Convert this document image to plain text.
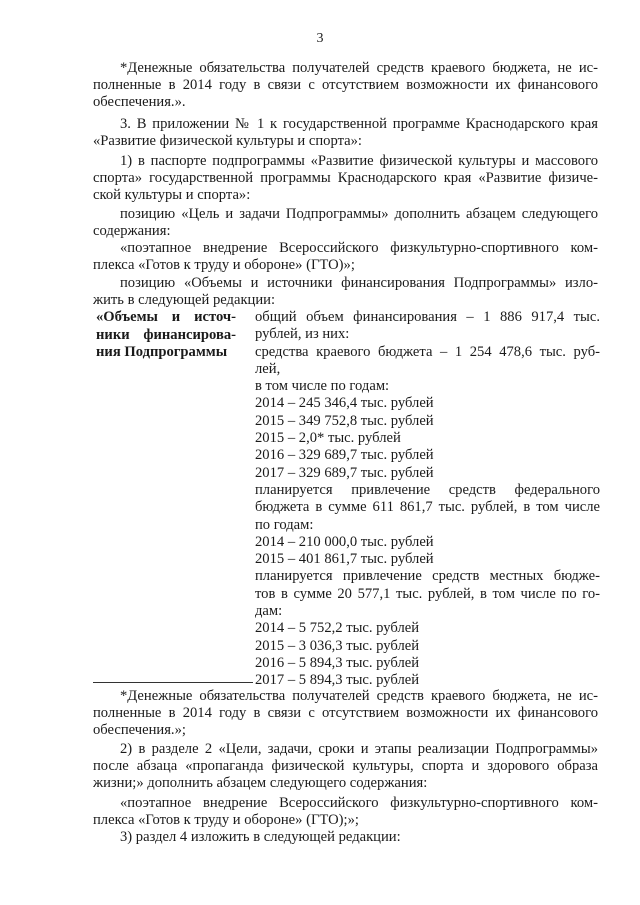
3
*Денежные обязательства получателей средств краевого бюджета, не ис-
полненные в 2014 году в связи с отсутствием возможности их финансового
обеспечения.».
3. В приложении № 1 к государственной программе Краснодарского края
«Развитие физической культуры и спорта»:
1) в паспорте подпрограммы «Развитие физической культуры и массового
спорта» государственной программы Краснодарского края «Развитие физиче-
ской культуры и спорта»:
позицию «Цель и задачи Подпрограммы» дополнить абзацем следующего
содержания:
«поэтапное внедрение Всероссийского физкультурно-спортивного ком-
плекса «Готов к труду и обороне» (ГТО)»;
позицию «Объемы и источники финансирования Подпрограммы» изло-
жить в следующей редакции:
«Объемы и источ-
ники финансирова-
ния Подпрограммы
общий объем финансирования – 1 886 917,4 тыс.
рублей, из них:
средства краевого бюджета – 1 254 478,6 тыс. руб-
лей,
в том числе по годам:
2014 – 245 346,4 тыс. рублей
2015 – 349 752,8 тыс. рублей
2015 – 2,0* тыс. рублей
2016 – 329 689,7 тыс. рублей
2017 – 329 689,7 тыс. рублей
планируется привлечение средств федерального
бюджета в сумме 611 861,7 тыс. рублей, в том числе
по годам:
2014 – 210 000,0 тыс. рублей
2015 – 401 861,7 тыс. рублей
планируется привлечение средств местных бюдже-
тов в сумме 20 577,1 тыс. рублей, в том числе по го-
дам:
2014 – 5 752,2 тыс. рублей
2015 – 3 036,3 тыс. рублей
2016 – 5 894,3 тыс. рублей
2017 – 5 894,3 тыс. рублей
*Денежные обязательства получателей средств краевого бюджета, не ис-
полненные в 2014 году в связи с отсутствием возможности их финансового
обеспечения.»;
2) в разделе 2 «Цели, задачи, сроки и этапы реализации Подпрограммы»
после абзаца «пропаганда физической культуры, спорта и здорового образа
жизни;» дополнить абзацем следующего содержания:
«поэтапное внедрение Всероссийского физкультурно-спортивного ком-
плекса «Готов к труду и обороне» (ГТО);»;
3) раздел 4 изложить в следующей редакции:
